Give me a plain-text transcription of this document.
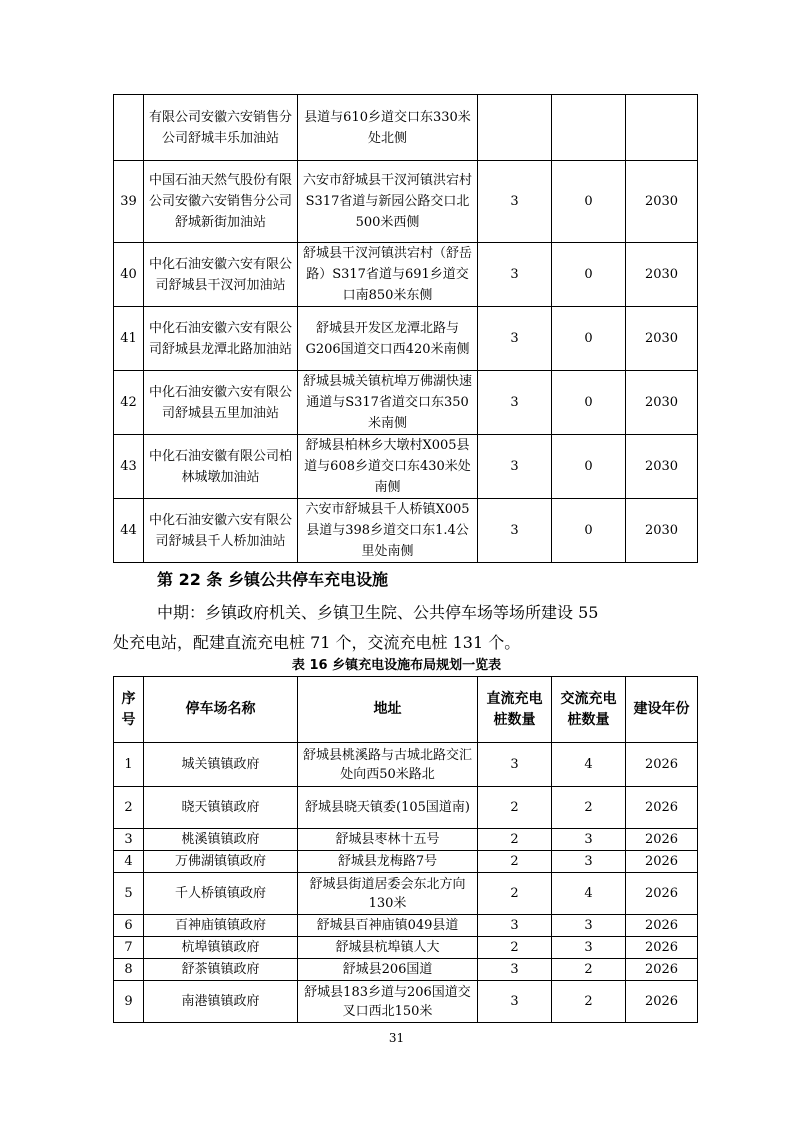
	有限公司安徽六安销售分公司舒城丰乐加油站	县道与610乡道交口东330米处北侧			
39	中国石油天然气股份有限公司安徽六安销售分公司舒城新街加油站	六安市舒城县干汊河镇洪宕村S317省道与新园公路交口北500米西侧	3	0	2030
40	中化石油安徽六安有限公司舒城县干汊河加油站	舒城县干汊河镇洪宕村（舒岳路）S317省道与691乡道交口南850米东侧	3	0	2030
41	中化石油安徽六安有限公司舒城县龙潭北路加油站	舒城县开发区龙潭北路与G206国道交口西420米南侧	3	0	2030
42	中化石油安徽六安有限公司舒城县五里加油站	舒城县城关镇杭埠万佛湖快速通道与S317省道交口东350米南侧	3	0	2030
43	中化石油安徽有限公司柏林城墩加油站	舒城县柏林乡大墩村X005县道与608乡道交口东430米处南侧	3	0	2030
44	中化石油安徽六安有限公司舒城县千人桥加油站	六安市舒城县千人桥镇X005县道与398乡道交口东1.4公里处南侧	3	0	2030
第 22 条 乡镇公共停车充电设施

中期：乡镇政府机关、乡镇卫生院、公共停车场等场所建设 55

处充电站，配建直流充电桩 71 个，交流充电桩 131 个。

表 16 乡镇充电设施布局规划一览表
序号	停车场名称	地址	直流充电桩数量	交流充电桩数量	建设年份
1	城关镇镇政府	舒城县桃溪路与古城北路交汇处向西50米路北	3	4	2026
2	晓天镇镇政府	舒城县晓天镇委(105国道南)	2	2	2026
3	桃溪镇镇政府	舒城县枣林十五号	2	3	2026
4	万佛湖镇镇政府	舒城县龙梅路7号	2	3	2026
5	千人桥镇镇政府	舒城县街道居委会东北方向130米	2	4	2026
6	百神庙镇镇政府	舒城县百神庙镇049县道	3	3	2026
7	杭埠镇镇政府	舒城县杭埠镇人大	2	3	2026
8	舒茶镇镇政府	舒城县206国道	3	2	2026
9	南港镇镇政府	舒城县183乡道与206国道交叉口西北150米	3	2	2026
31
